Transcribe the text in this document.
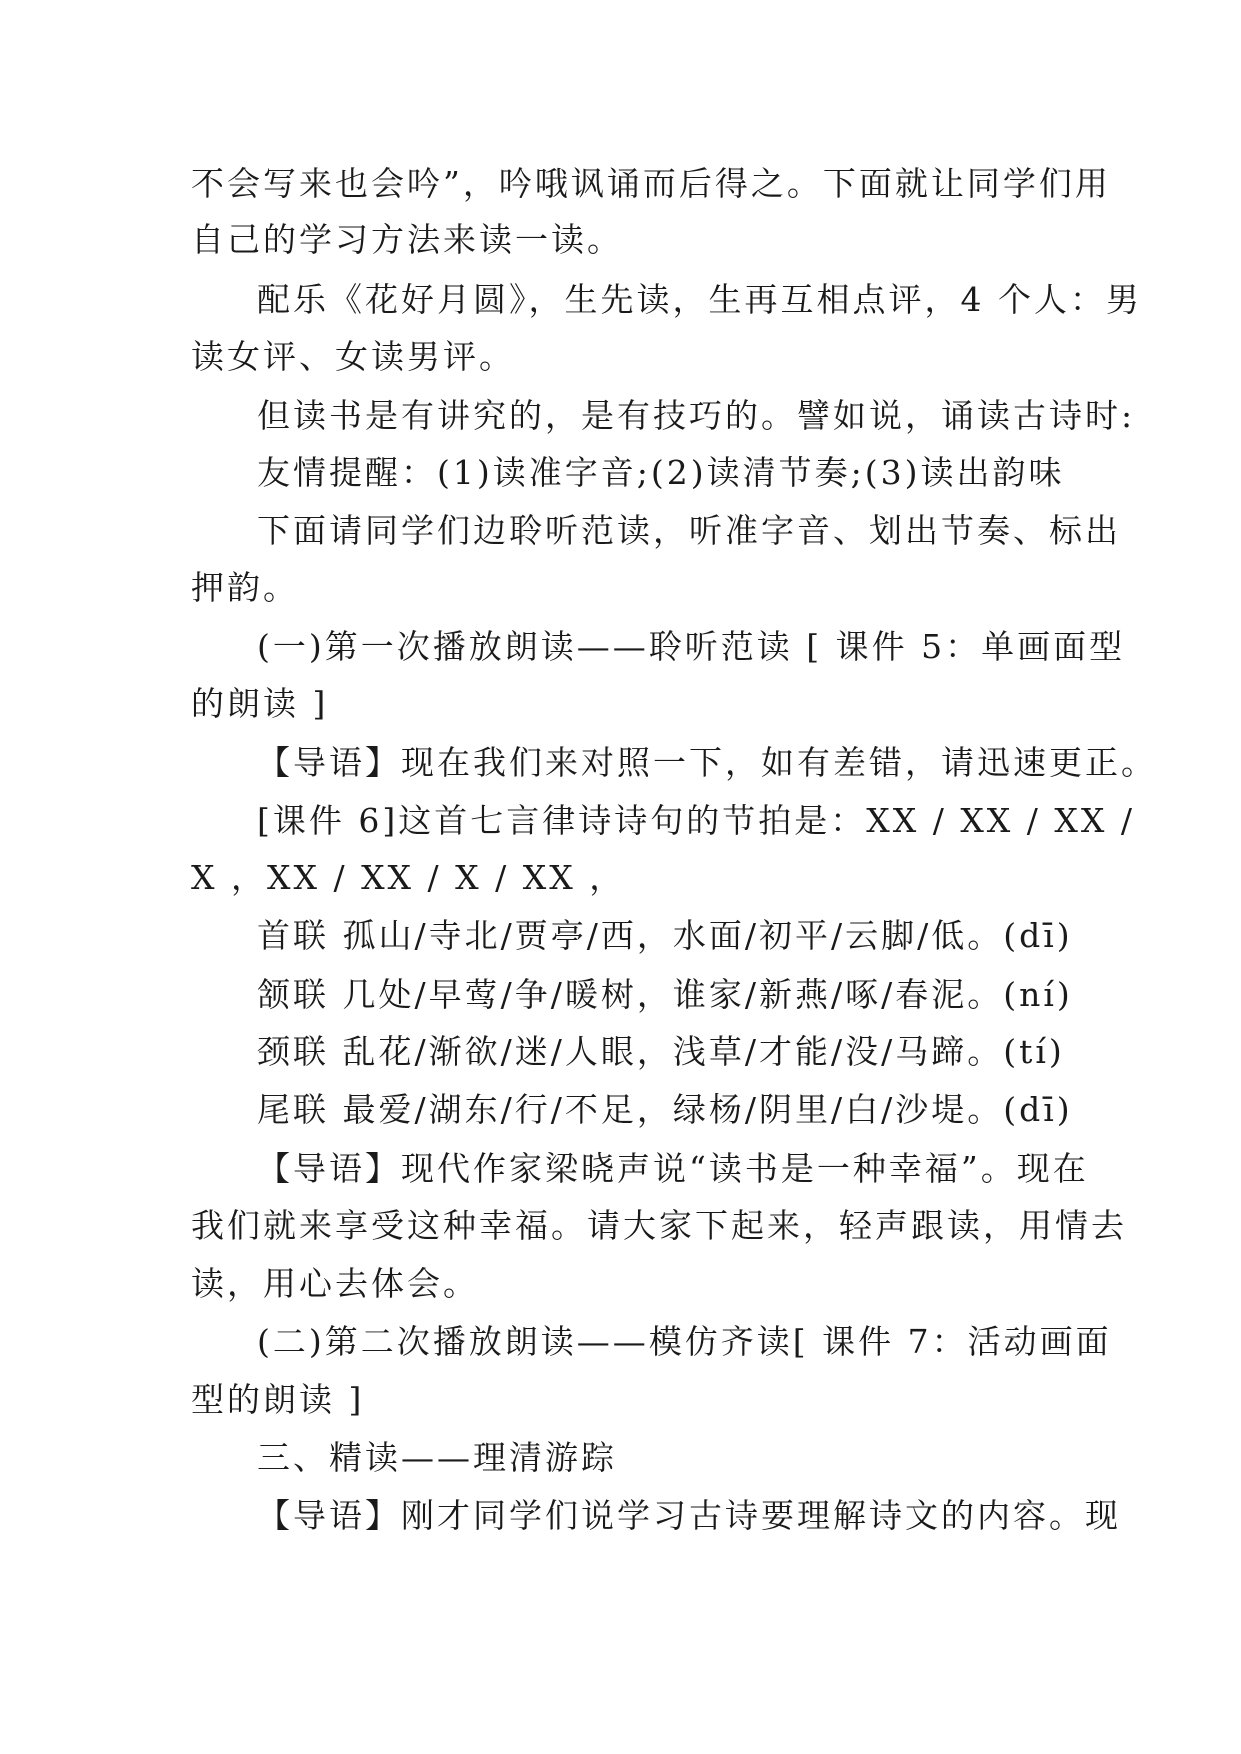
不会写来也会吟”，吟哦讽诵而后得之。下面就让同学们用
自己的学习方法来读一读。
配乐《花好月圆》，生先读，生再互相点评，4 个人：男
读女评、女读男评。
但读书是有讲究的，是有技巧的。譬如说，诵读古诗时:
友情提醒：(1)读准字音;(2)读清节奏;(3)读出韵味
下面请同学们边聆听范读，听准字音、划出节奏、标出
押韵。
(一)第一次播放朗读——聆听范读 [ 课件 5：单画面型
的朗读 ]
【导语】现在我们来对照一下，如有差错，请迅速更正。
[课件 6]这首七言律诗诗句的节拍是：XX / XX / XX /
X ，XX / XX / X / XX ，
首联 孤山/寺北/贾亭/西，水面/初平/云脚/低。(dī)
颔联 几处/早莺/争/暖树，谁家/新燕/啄/春泥。(ní)
颈联 乱花/渐欲/迷/人眼，浅草/才能/没/马蹄。(tí)
尾联 最爱/湖东/行/不足，绿杨/阴里/白/沙堤。(dī)
【导语】现代作家梁晓声说“读书是一种幸福”。现在
我们就来享受这种幸福。请大家下起来，轻声跟读，用情去
读，用心去体会。
(二)第二次播放朗读——模仿齐读[ 课件 7：活动画面
型的朗读 ]
三、精读——理清游踪
【导语】刚才同学们说学习古诗要理解诗文的内容。现
